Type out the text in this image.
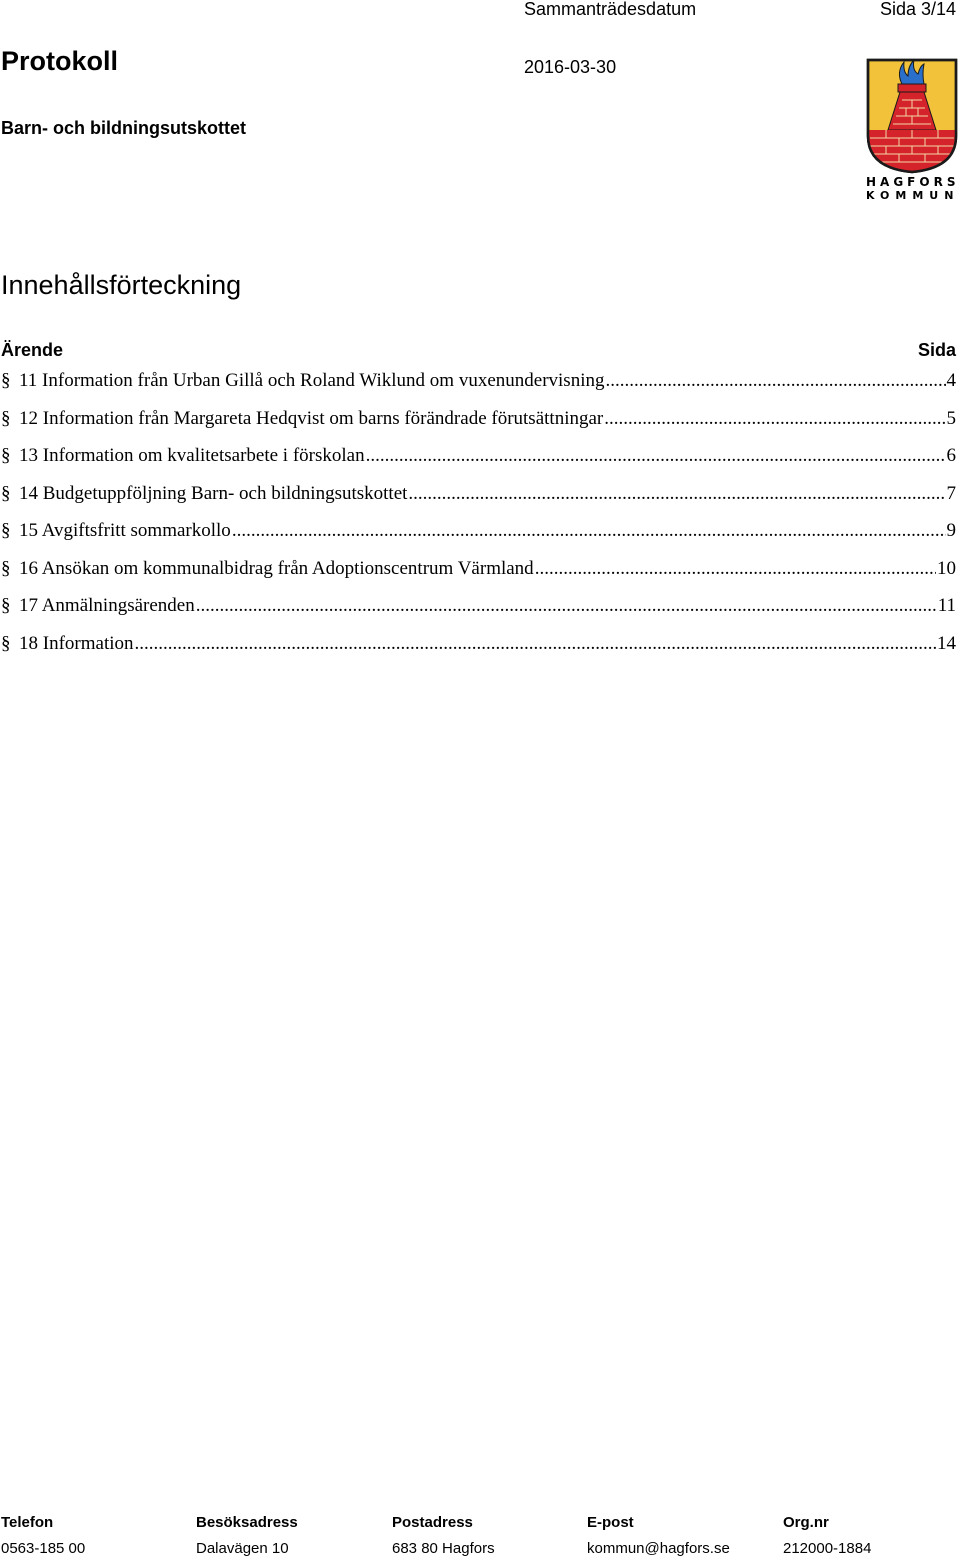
Sammanträdesdatum	Sida 3/14
Protokoll	2016-03-30
Barn- och bildningsutskottet
HAGFORS
KOMMUN
Innehållsförteckning
Ärende	Sida
§ 11 Information från Urban Gillå och Roland Wiklund om vuxenundervisning .....	4
§ 12 Information från Margareta Hedqvist om barns förändrade förutsättningar .....	5
§ 13 Information om kvalitetsarbete i förskolan .....	6
§ 14 Budgetuppföljning Barn- och bildningsutskottet .....	7
§ 15 Avgiftsfritt sommarkollo .....	9
§ 16 Ansökan om kommunalbidrag från Adoptionscentrum Värmland .....	10
§ 17 Anmälningsärenden .....	11
§ 18 Information .....	14
Telefon
0563-185 00
Besöksadress
Dalavägen 10
Postadress
683 80 Hagfors
E-post
kommun@hagfors.se
Org.nr
212000-1884
